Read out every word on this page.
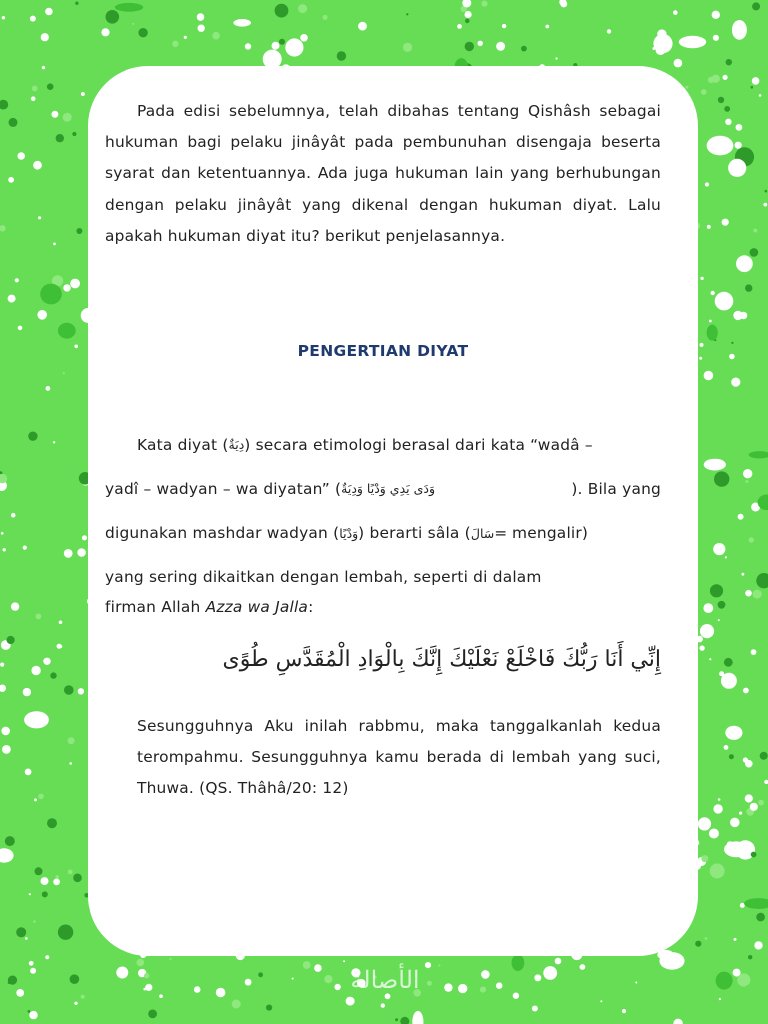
Pada edisi sebelumnya, telah dibahas tentang Qishâsh sebagai hukuman bagi pelaku jinâyât pada pembunuhan disengaja beserta syarat dan ketentuannya. Ada juga hukuman lain yang berhubungan dengan pelaku jinâyât yang dikenal dengan hukuman diyat. Lalu apakah hukuman diyat itu? berikut penjelasannya.

PENGERTIAN DIYAT
Kata diyat ( دِيَةٌ ) secara etimologi berasal dari kata “wadâ –
yadî – wadyan – wa diyatan” ( وَدَى يَدِي وَدْيًا وَدِيَةٌ	). Bila yang
digunakan mashdar wadyan (وَدْيًا) berarti sâla (سَالَ= mengalir)
yang sering dikaitkan dengan lembah, seperti di dalam
firman Allah Azza wa Jalla:
إِنِّي أَنَا رَبُّكَ فَاخْلَعْ نَعْلَيْكَ إِنَّكَ بِالْوَادِ الْمُقَدَّسِ طُوًى

Sesungguhnya Aku inilah rabbmu, maka tanggalkanlah kedua terompahmu. Sesungguhnya kamu berada di lembah yang suci, Thuwa. (QS. Thâhâ/20: 12)

الأصالة
